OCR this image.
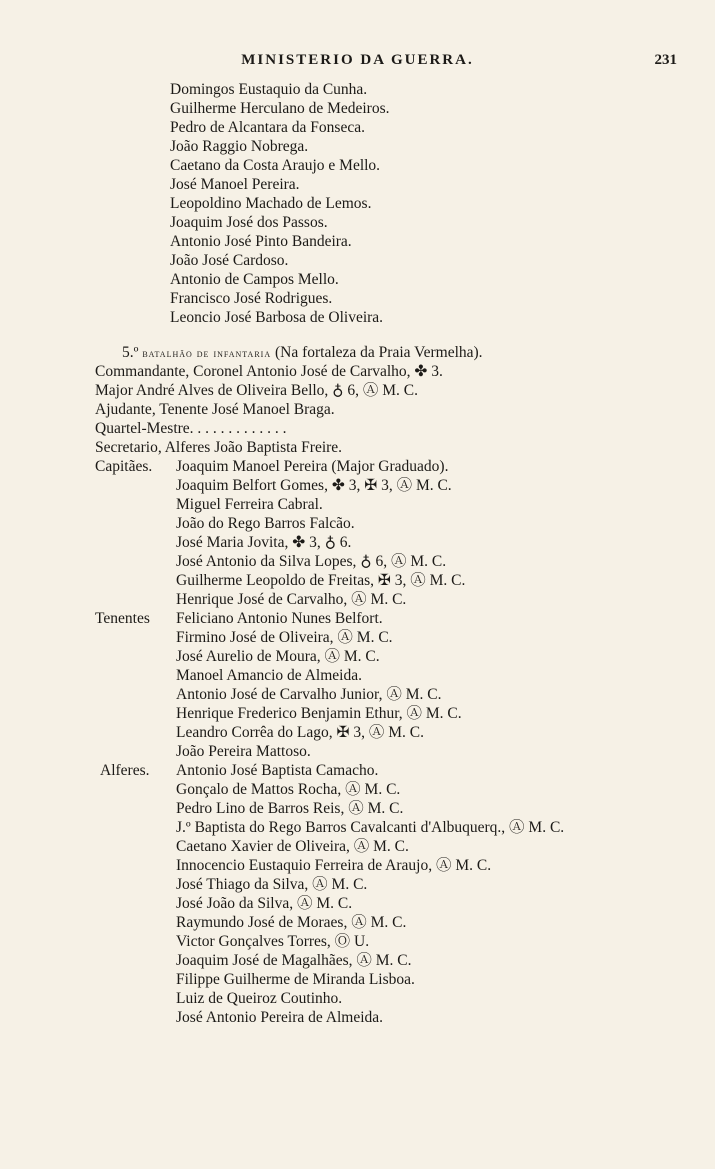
MINISTERIO DA GUERRA.	231
Domingos Eustaquio da Cunha.
Guilherme Herculano de Medeiros.
Pedro de Alcantara da Fonseca.
João Raggio Nobrega.
Caetano da Costa Araujo e Mello.
José Manoel Pereira.
Leopoldino Machado de Lemos.
Joaquim José dos Passos.
Antonio José Pinto Bandeira.
João José Cardoso.
Antonio de Campos Mello.
Francisco José Rodrigues.
Leoncio José Barbosa de Oliveira.
5.º batalhão de infantaria (Na fortaleza da Praia Vermelha).
Commandante, Coronel Antonio José de Carvalho, ✤ 3.
Major André Alves de Oliveira Bello, ♁ 6, Ⓐ M. C.
Ajudante, Tenente José Manoel Braga.
Quartel-Mestre. . . . . . . . . . . . .
Secretario, Alferes João Baptista Freire.
Capitães.	Joaquim Manoel Pereira (Major Graduado).
Joaquim Belfort Gomes, ✤ 3, ✠ 3, Ⓐ M. C.
Miguel Ferreira Cabral.
João do Rego Barros Falcão.
José Maria Jovita, ✤ 3, ♁ 6.
José Antonio da Silva Lopes, ♁ 6, Ⓐ M. C.
Guilherme Leopoldo de Freitas, ✠ 3, Ⓐ M. C.
Henrique José de Carvalho, Ⓐ M. C.
Tenentes	Feliciano Antonio Nunes Belfort.
Firmino José de Oliveira, Ⓐ M. C.
José Aurelio de Moura, Ⓐ M. C.
Manoel Amancio de Almeida.
Antonio José de Carvalho Junior, Ⓐ M. C.
Henrique Frederico Benjamin Ethur, Ⓐ M. C.
Leandro Corrêa do Lago, ✠ 3, Ⓐ M. C.
João Pereira Mattoso.
Alferes.	Antonio José Baptista Camacho.
Gonçalo de Mattos Rocha, Ⓐ M. C.
Pedro Lino de Barros Reis, Ⓐ M. C.
J.º Baptista do Rego Barros Cavalcanti d'Albuquerq., Ⓐ M. C.
Caetano Xavier de Oliveira, Ⓐ M. C.
Innocencio Eustaquio Ferreira de Araujo, Ⓐ M. C.
José Thiago da Silva, Ⓐ M. C.
José João da Silva, Ⓐ M. C.
Raymundo José de Moraes, Ⓐ M. C.
Victor Gonçalves Torres, Ⓞ U.
Joaquim José de Magalhães, Ⓐ M. C.
Filippe Guilherme de Miranda Lisboa.
Luiz de Queiroz Coutinho.
José Antonio Pereira de Almeida.
